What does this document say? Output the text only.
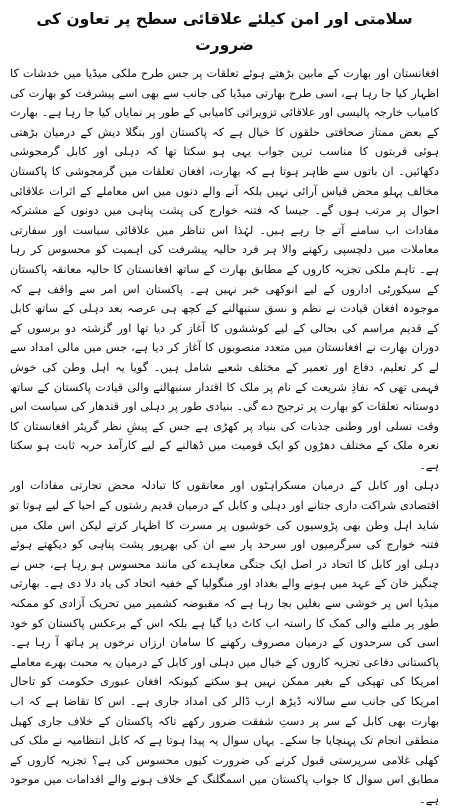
سلامتی اور امن کیلئے علاقائی سطح پر تعاون کی ضرورت

افغانستان اور بھارت کے مابین بڑھتے ہوئے تعلقات پر جس طرح ملکی میڈیا میں خدشات کا اظہار کیا جا رہا ہے، اسی طرح بھارتی میڈیا کی جانب سے بھی اسے پیشرفت کو بھارت کی کامیاب خارجہ پالیسی اور علاقائی تزویراتی کامیابی کے طور پر نمایاں کیا جا رہا ہے۔ بھارت کے بعض ممتاز صحافتی حلقوں کا خیال ہے کہ پاکستان اور بنگلا دیش کے درمیان بڑھتی ہوئی قربتوں کا مناسب ترین جواب یہی ہو سکتا تھا کہ دہلی اور کابل گرمجوشی دکھائیں۔ ان باتوں سے ظاہر ہوتا ہے کہ بھارت، افغان تعلقات میں گرمجوشی کا پاکستان مخالف پہلو محض قیاس آرائی نہیں بلکہ آنے والے دنوں میں اس معاملے کے اثرات علاقائی احوال پر مرتب ہوں گے۔ جیسا کہ فتنہ خوارج کی پشت پناہی میں دونوں کے مشترکہ مفادات اب سامنے آتے جا رہے ہیں۔ لہٰذا اس تناظر میں علاقائی سیاست اور سفارتی معاملات میں دلچسپی رکھنے والا ہر فرد حالیہ پیشرفت کی اہمیت کو محسوس کر رہا ہے۔ تاہم ملکی تجزیہ کاروں کے مطابق بھارت کے ساتھ افغانستان کا حالیہ معانقہ پاکستان کے سیکورٹی اداروں کے لیے انوکھی خبر نہیں ہے۔ پاکستان اس امر سے واقف ہے کہ موجودہ افغان قیادت نے نظم و نسق سنبھالنے کے کچھ ہی عرصہ بعد دہلی کے ساتھ کابل کے قدیم مراسم کی بحالی کے لیے کوششوں کا آغاز کر دیا تھا اور گزشتہ دو برسوں کے دوران بھارت نے افغانستان میں متعدد منصوبوں کا آغاز کر دیا ہے، جس میں مالی امداد سے لے کر تعلیم، دفاع اور تعمیر کے مختلف شعبے شامل ہیں۔ گویا یہ اہل وطن کی خوش فہمی تھی کہ نفاذِ شریعت کے نام پر ملک کا اقتدار سنبھالنے والی قیادت پاکستان کے ساتھ دوستانہ تعلقات کو بھارت پر ترجیح دے گی۔ بنیادی طور پر دہلی اور قندھار کی سیاست اس وقت نسلی اور وطنی جذبات کی بنیاد پر کھڑی ہے جس کے پیشِ نظر گریٹر افغانستان کا نعرہ ملک کے مختلف دھڑوں کو ایک قومیت میں ڈھالنے کے لیے کارآمد حربہ ثابت ہو سکتا ہے۔

دہلی اور کابل کے درمیان مسکراہٹوں اور معانقوں کا تبادلہ محض تجارتی مفادات اور اقتصادی شراکت داری جتانے اور دہلی و کابل کے درمیان قدیم رشتوں کے احیا کے لیے ہوتا تو شاید اہل وطن بھی پڑوسیوں کی خوشیوں پر مسرت کا اظہار کرتے لیکن اس ملک میں فتنہ خوارج کی سرگرمیوں اور سرحد پار سے ان کی بھرپور پشت پناہی کو دیکھتے ہوئے دہلی اور کابل کا اتحاد در اصل ایک جنگی معاہدے کی مانند محسوس ہو رہا ہے، جس نے چنگیز خان کے عہد میں ہونے والے بغداد اور منگولیا کے خفیہ اتحاد کی یاد دلا دی ہے۔ بھارتی میڈیا اس پر خوشی سے بغلیں بجا رہا ہے کہ مقبوضہ کشمیر میں تحریک آزادی کو ممکنہ طور پر ملنے والی کمک کا راستہ اب کاٹ دیا گیا ہے بلکہ اس کے برعکس پاکستان کو خود اسی کی سرحدوں کے درمیان مصروف رکھنے کا سامان ارزاں نرخوں پر ہاتھ آ رہا ہے۔ پاکستانی دفاعی تجزیہ کاروں کے خیال میں دہلی اور کابل کے درمیان یہ محبت بھرے معاملے امریکا کی تھپکی کے بغیر ممکن نہیں ہو سکتے کیونکہ افغان عبوری حکومت کو تاحال امریکا کی جانب سے سالانہ ڈیڑھ ارب ڈالر کی امداد جاری ہے۔ اس کا تقاضا ہے کہ اب بھارت بھی کابل کے سر پر دستِ شفقت ضرور رکھے تاکہ پاکستان کے خلاف جاری کھیل منطقی انجام تک پہنچایا جا سکے۔ یہاں سوال یہ پیدا ہوتا ہے کہ کابل انتظامیہ نے ملک کی کھلی غلامی سرپرستی قبول کرنے کی ضرورت کیوں محسوس کی ہے؟ تجزیہ کاروں کے مطابق اس سوال کا جواب پاکستان میں اسمگلنگ کے خلاف ہونے والے اقدامات میں موجود ہے۔
